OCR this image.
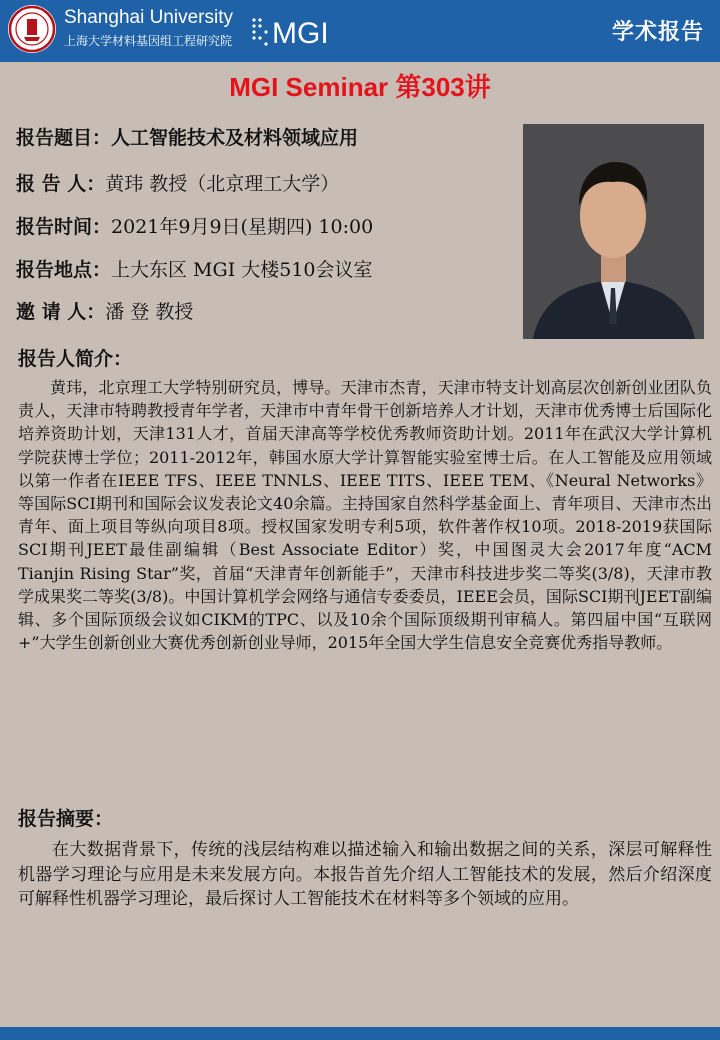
Shanghai University
上海大学材料基因组工程研究院 MGI	学术报告
MGI Seminar 第303讲
报告题目：人工智能技术及材料领域应用
报 告 人：黄玮 教授（北京理工大学）
报告时间：2021年9月9日(星期四) 10:00
报告地点：上大东区 MGI 大楼510会议室
邀 请 人：潘 登 教授
报告人简介：
黄玮，北京理工大学特别研究员，博导。天津市杰青，天津市特支计划高层次创新创业团队负责人，天津市特聘教授青年学者，天津市中青年骨干创新培养人才计划，天津市优秀博士后国际化培养资助计划，天津131人才，首届天津高等学校优秀教师资助计划。2011年在武汉大学计算机学院获博士学位；2011-2012年，韩国水原大学计算智能实验室博士后。在人工智能及应用领域以第一作者在IEEE TFS、IEEE TNNLS、IEEE TITS、IEEE TEM、《Neural Networks》等国际SCI期刊和国际会议发表论文40余篇。主持国家自然科学基金面上、青年项目、天津市杰出青年、面上项目等纵向项目8项。授权国家发明专利5项，软件著作权10项。2018-2019获国际SCI期刊JEET最佳副编辑（Best Associate Editor）奖，中国图灵大会2017年度“ACM Tianjin Rising Star”奖，首届“天津青年创新能手”，天津市科技进步奖二等奖(3/8)，天津市教学成果奖二等奖(3/8)。中国计算机学会网络与通信专委委员，IEEE会员，国际SCI期刊JEET副编辑、多个国际顶级会议如CIKM的TPC、以及10余个国际顶级期刊审稿人。第四届中国“互联网+”大学生创新创业大赛优秀创新创业导师，2015年全国大学生信息安全竞赛优秀指导教师。
报告摘要：
在大数据背景下，传统的浅层结构难以描述输入和输出数据之间的关系，深层可解释性机器学习理论与应用是未来发展方向。本报告首先介绍人工智能技术的发展，然后介绍深度可解释性机器学习理论，最后探讨人工智能技术在材料等多个领域的应用。
